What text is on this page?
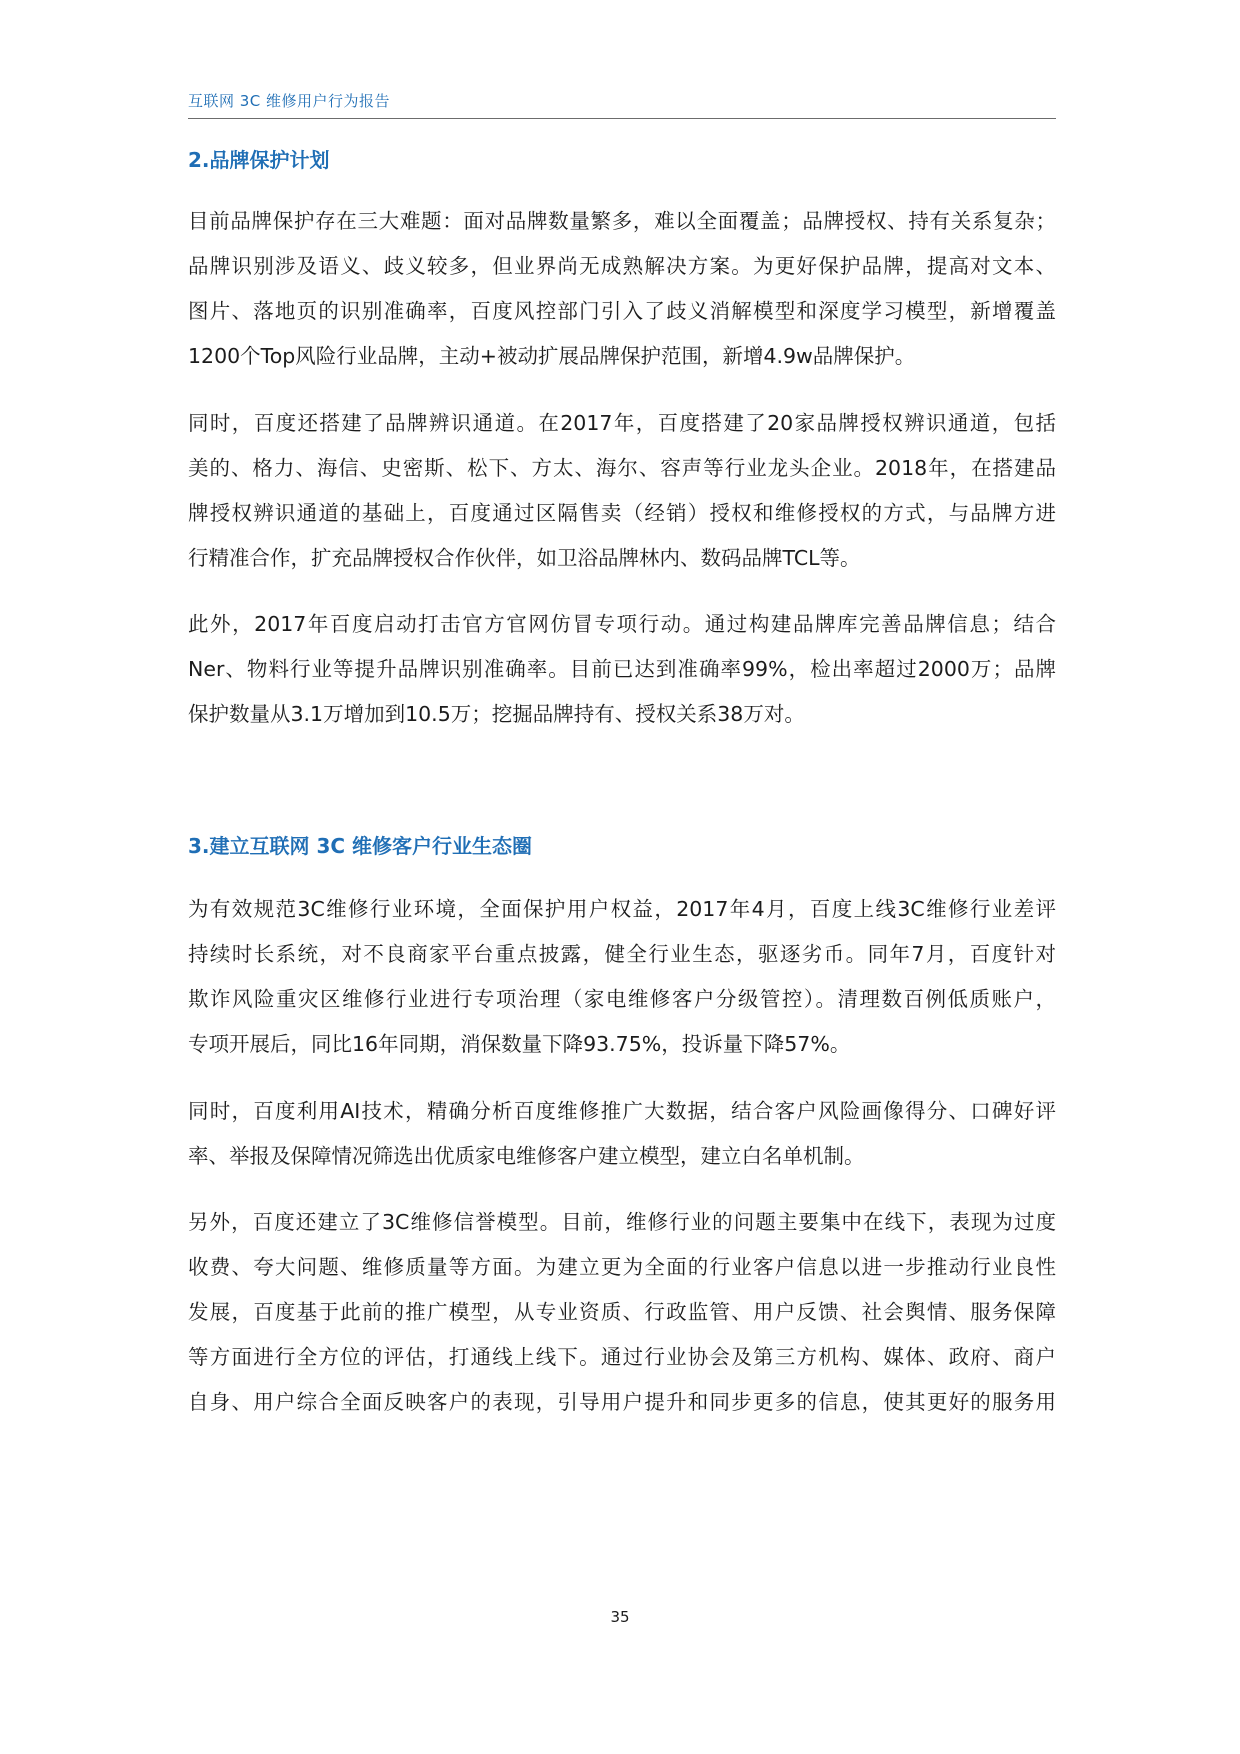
互联网 3C 维修用户行为报告
2.品牌保护计划
目前品牌保护存在三大难题：面对品牌数量繁多，难以全面覆盖；品牌授权、持有关系复杂；
品牌识别涉及语义、歧义较多，但业界尚无成熟解决方案。为更好保护品牌，提高对文本、
图片、落地页的识别准确率，百度风控部门引入了歧义消解模型和深度学习模型，新增覆盖
1200个Top风险行业品牌，主动+被动扩展品牌保护范围，新增4.9w品牌保护。
同时，百度还搭建了品牌辨识通道。在2017年，百度搭建了20家品牌授权辨识通道，包括
美的、格力、海信、史密斯、松下、方太、海尔、容声等行业龙头企业。2018年，在搭建品
牌授权辨识通道的基础上，百度通过区隔售卖（经销）授权和维修授权的方式，与品牌方进
行精准合作，扩充品牌授权合作伙伴，如卫浴品牌林内、数码品牌TCL等。
此外，2017年百度启动打击官方官网仿冒专项行动。通过构建品牌库完善品牌信息；结合
Ner、物料行业等提升品牌识别准确率。目前已达到准确率99%，检出率超过2000万；品牌
保护数量从3.1万增加到10.5万；挖掘品牌持有、授权关系38万对。
3.建立互联网 3C 维修客户行业生态圈
为有效规范3C维修行业环境，全面保护用户权益，2017年4月，百度上线3C维修行业差评
持续时长系统，对不良商家平台重点披露，健全行业生态，驱逐劣币。同年7月，百度针对
欺诈风险重灾区维修行业进行专项治理（家电维修客户分级管控）。清理数百例低质账户，
专项开展后，同比16年同期，消保数量下降93.75%，投诉量下降57%。
同时，百度利用AI技术，精确分析百度维修推广大数据，结合客户风险画像得分、口碑好评
率、举报及保障情况筛选出优质家电维修客户建立模型，建立白名单机制。
另外，百度还建立了3C维修信誉模型。目前，维修行业的问题主要集中在线下，表现为过度
收费、夸大问题、维修质量等方面。为建立更为全面的行业客户信息以进一步推动行业良性
发展，百度基于此前的推广模型，从专业资质、行政监管、用户反馈、社会舆情、服务保障
等方面进行全方位的评估，打通线上线下。通过行业协会及第三方机构、媒体、政府、商户
自身、用户综合全面反映客户的表现，引导用户提升和同步更多的信息，使其更好的服务用
35
